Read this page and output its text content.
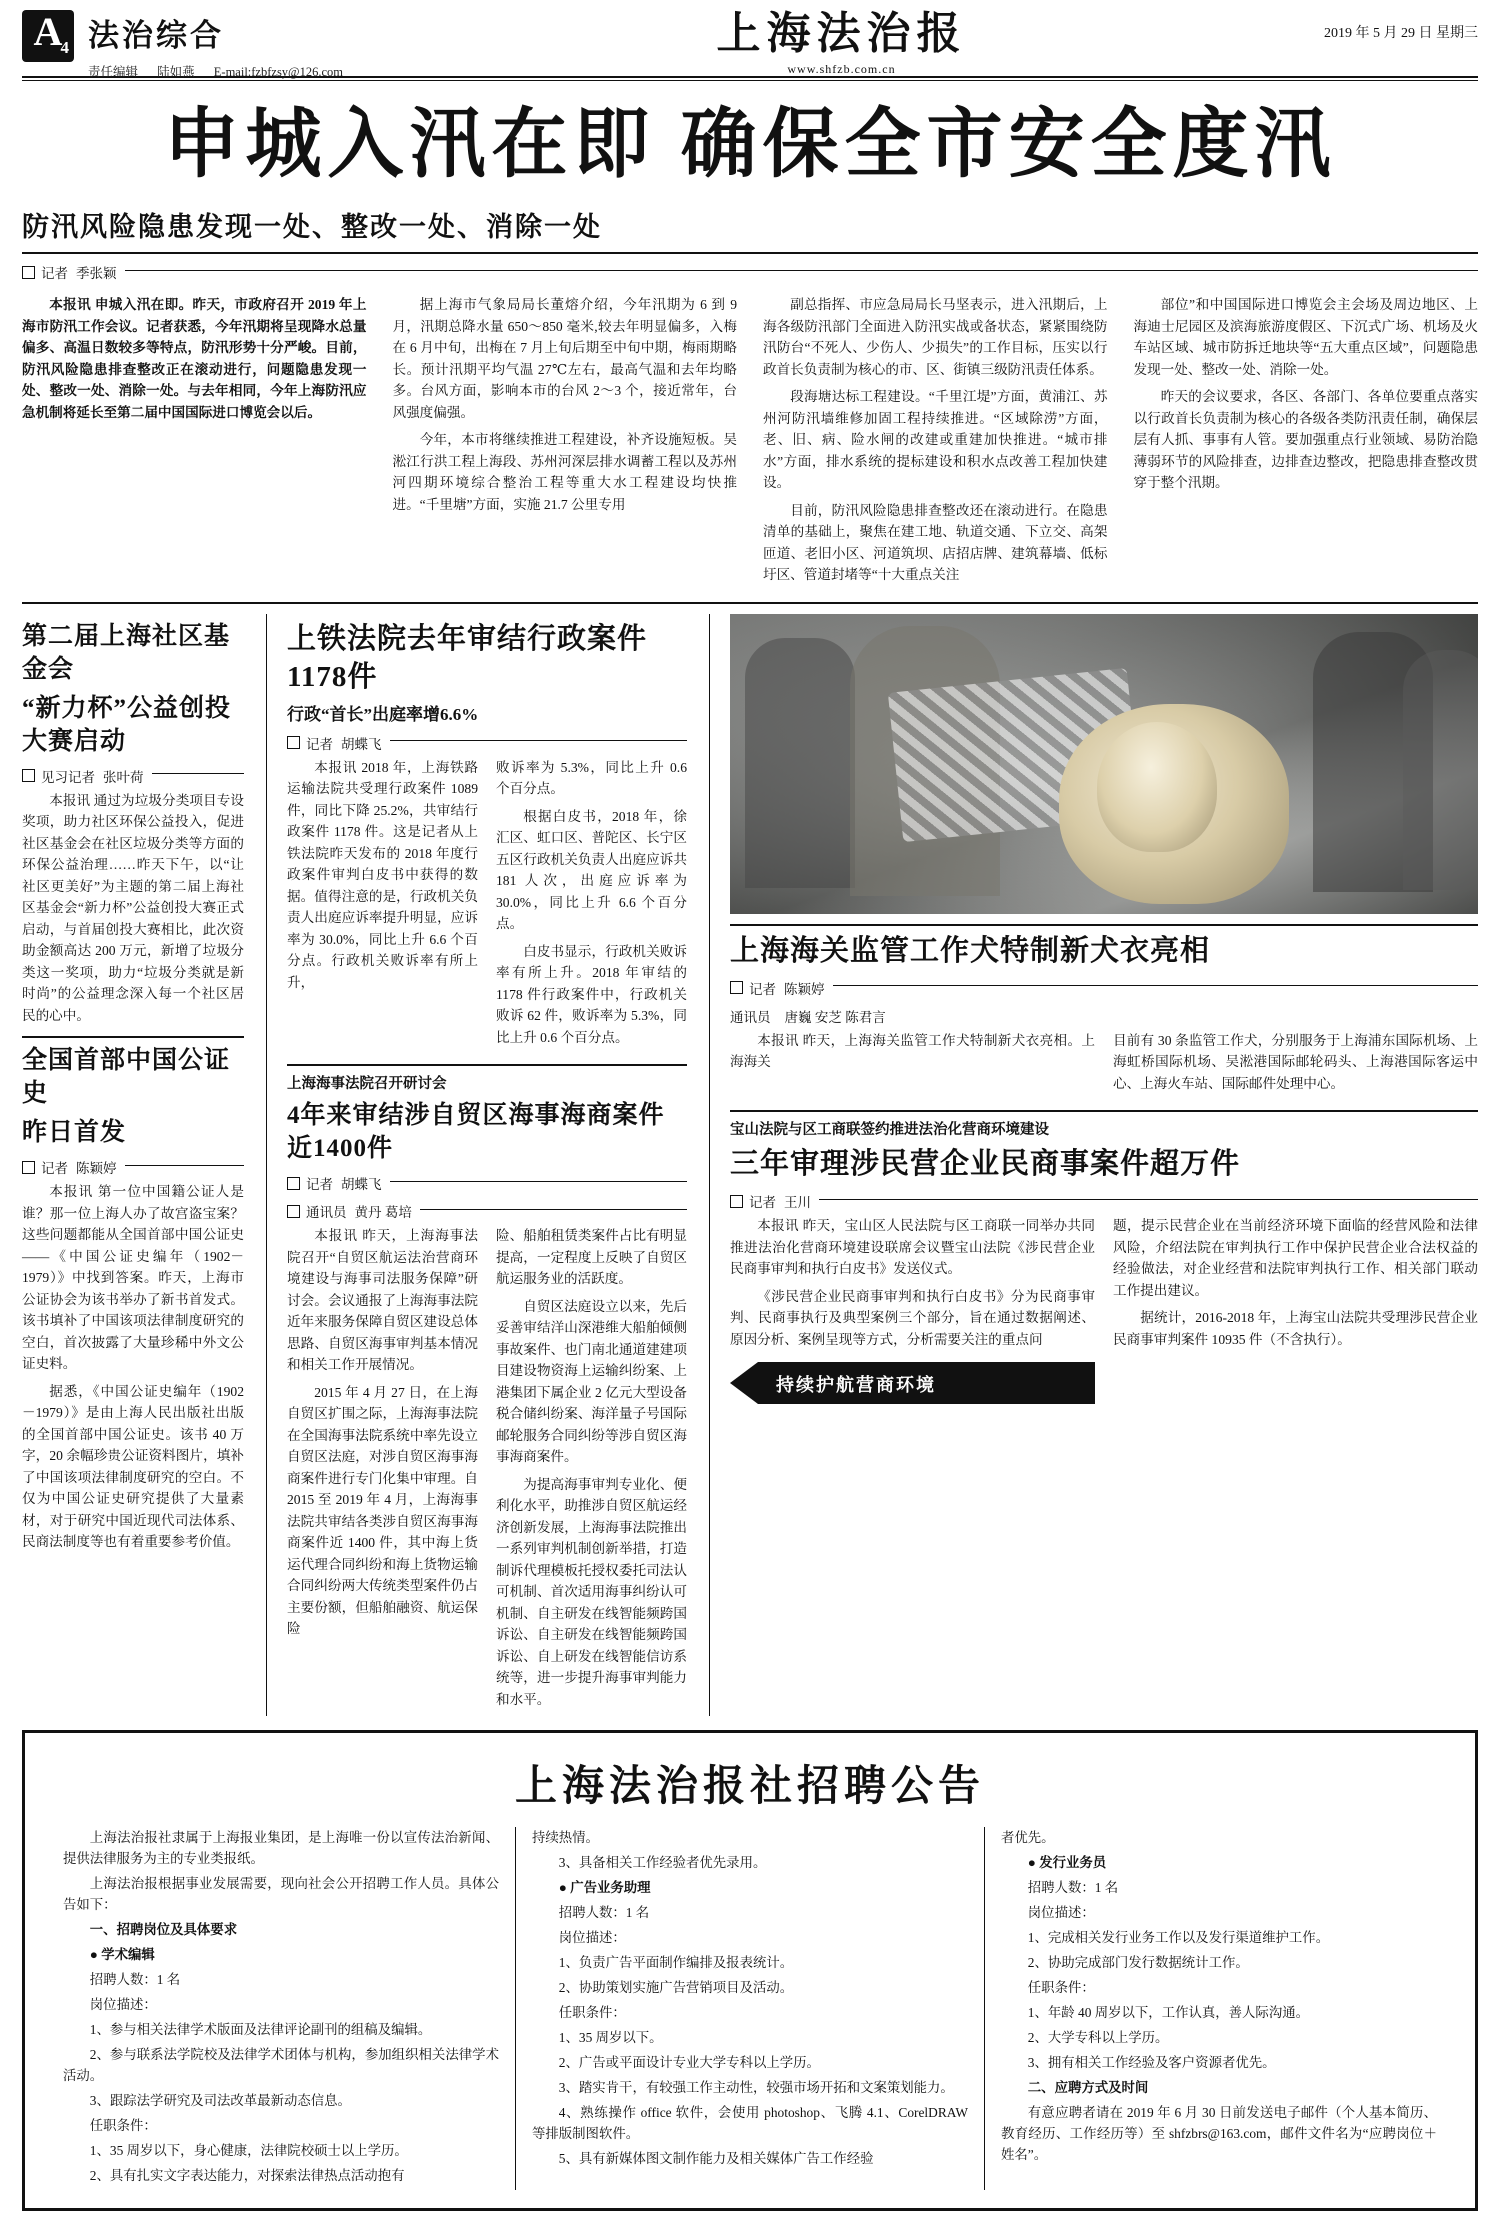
A
4 法治综合
责任编辑 陆如燕 E-mail:fzbfzsy@126.com
上海法治报
www.shfzb.com.cn
2019 年 5 月 29 日 星期三
申城入汛在即 确保全市安全度汛
防汛风险隐患发现一处、整改一处、消除一处
记者 季张颖

本报讯 申城入汛在即。昨天，市政府召开 2019 年上海市防汛工作会议。记者获悉，今年汛期将呈现降水总量偏多、高温日数较多等特点，防汛形势十分严峻。目前，防汛风险隐患排查整改正在滚动进行，问题隐患发现一处、整改一处、消除一处。与去年相同，今年上海防汛应急机制将延长至第二届中国国际进口博览会以后。

据上海市气象局局长董熔介绍，今年汛期为 6 到 9 月，汛期总降水量 650～850 毫米,较去年明显偏多，入梅在 6 月中旬，出梅在 7 月上旬后期至中旬中期，梅雨期略长。预计汛期平均气温 27℃左右，最高气温和去年均略多。台风方面，影响本市的台风 2～3 个，接近常年，台风强度偏强。

今年，本市将继续推进工程建设，补齐设施短板。吴淞江行洪工程上海段、苏州河深层排水调蓄工程以及苏州河四期环境综合整治工程等重大水工程建设均快推进。“千里塘”方面，实施 21.7 公里专用

副总指挥、市应急局局长马坚表示，进入汛期后，上海各级防汛部门全面进入防汛实战或备状态，紧紧围绕防汛防台“不死人、少伤人、少损失”的工作目标，压实以行政首长负责制为核心的市、区、街镇三级防汛责任体系。

段海塘达标工程建设。“千里江堤”方面，黄浦江、苏州河防汛墙维修加固工程持续推进。“区域除涝”方面，老、旧、病、险水闸的改建或重建加快推进。“城市排水”方面，排水系统的提标建设和积水点改善工程加快建设。

目前，防汛风险隐患排查整改还在滚动进行。在隐患清单的基础上，聚焦在建工地、轨道交通、下立交、高架匝道、老旧小区、河道筑坝、店招店牌、建筑幕墙、低标圩区、管道封堵等“十大重点关注

部位”和中国国际进口博览会主会场及周边地区、上海迪士尼园区及滨海旅游度假区、下沉式广场、机场及火车站区域、城市防拆迁地块等“五大重点区域”，问题隐患发现一处、整改一处、消除一处。

昨天的会议要求，各区、各部门、各单位要重点落实以行政首长负责制为核心的各级各类防汛责任制，确保层层有人抓、事事有人管。要加强重点行业领域、易防治隐薄弱环节的风险排查，边排查边整改，把隐患排查整改贯穿于整个汛期。

第二届上海社区基金会
“新力杯”公益创投大赛启动
见习记者 张叶荷

本报讯 通过为垃圾分类项目专设奖项，助力社区环保公益投入，促进社区基金会在社区垃圾分类等方面的环保公益治理……昨天下午，以“让社区更美好”为主题的第二届上海社区基金会“新力杯”公益创投大赛正式启动，与首届创投大赛相比，此次资助金额高达 200 万元，新增了垃圾分类这一奖项，助力“垃圾分类就是新时尚”的公益理念深入每一个社区居民的心中。

全国首部中国公证史
昨日首发
记者 陈颖婷

本报讯 第一位中国籍公证人是谁？那一位上海人办了故宫盗宝案？这些问题都能从全国首部中国公证史——《中国公证史编年（1902－1979）》中找到答案。昨天，上海市公证协会为该书举办了新书首发式。该书填补了中国该项法律制度研究的空白，首次披露了大量珍稀中外文公证史料。

据悉，《中国公证史编年（1902－1979）》是由上海人民出版社出版的全国首部中国公证史。该书 40 万字，20 余幅珍贵公证资料图片，填补了中国该项法律制度研究的空白。不仅为中国公证史研究提供了大量素材，对于研究中国近现代司法体系、民商法制度等也有着重要参考价值。

上铁法院去年审结行政案件1178件
行政“首长”出庭率增6.6%
记者 胡蝶飞

本报讯 2018 年，上海铁路运输法院共受理行政案件 1089 件，同比下降 25.2%，共审结行政案件 1178 件。这是记者从上铁法院昨天发布的 2018 年度行政案件审判白皮书中获得的数据。值得注意的是，行政机关负责人出庭应诉率提升明显，应诉率为 30.0%，同比上升 6.6 个百分点。行政机关败诉率有所上升，

败诉率为 5.3%，同比上升 0.6 个百分点。

根据白皮书，2018 年，徐汇区、虹口区、普陀区、长宁区五区行政机关负责人出庭应诉共 181 人次，出庭应诉率为 30.0%，同比上升 6.6 个百分点。

白皮书显示，行政机关败诉率有所上升。2018 年审结的 1178 件行政案件中，行政机关败诉 62 件，败诉率为 5.3%，同比上升 0.6 个百分点。

上海海事法院召开研讨会
4年来审结涉自贸区海事海商案件近1400件
记者 胡蝶飞
通讯员 黄丹 葛培

本报讯 昨天，上海海事法院召开“自贸区航运法治营商环境建设与海事司法服务保障”研讨会。会议通报了上海海事法院近年来服务保障自贸区建设总体思路、自贸区海事审判基本情况和相关工作开展情况。

2015 年 4 月 27 日，在上海自贸区扩围之际，上海海事法院在全国海事法院系统中率先设立自贸区法庭，对涉自贸区海事海商案件进行专门化集中审理。自 2015 至 2019 年 4 月，上海海事法院共审结各类涉自贸区海事海商案件近 1400 件，其中海上货运代理合同纠纷和海上货物运输合同纠纷两大传统类型案件仍占主要份额，但船舶融资、航运保险

险、船舶租赁类案件占比有明显提高，一定程度上反映了自贸区航运服务业的活跃度。

自贸区法庭设立以来，先后妥善审结洋山深港维大船舶倾侧事故案件、也门南北通道建建项目建设物资海上运输纠纷案、上港集团下属企业 2 亿元大型设备税合储纠纷案、海洋量子号国际邮轮服务合同纠纷等涉自贸区海事海商案件。

为提高海事审判专业化、便利化水平，助推涉自贸区航运经济创新发展，上海海事法院推出一系列审判机制创新举措，打造制诉代理模板托授权委托司法认可机制、首次适用海事纠纷认可机制、自主研发在线智能频跨国诉讼、自主研发在线智能频跨国诉讼、自上研发在线智能信访系统等，进一步提升海事审判能力和水平。

上海海关监管工作犬特制新犬衣亮相
记者 陈颖婷
通讯员 唐巍 安芝 陈君言

本报讯 昨天，上海海关监管工作犬特制新犬衣亮相。上海海关

目前有 30 条监管工作犬，分别服务于上海浦东国际机场、上海虹桥国际机场、吴淞港国际邮轮码头、上海港国际客运中心、上海火车站、国际邮件处理中心。

宝山法院与区工商联签约推进法治化营商环境建设
三年审理涉民营企业民商事案件超万件
记者 王川

本报讯 昨天，宝山区人民法院与区工商联一同举办共同推进法治化营商环境建设联席会议暨宝山法院《涉民营企业民商事审判和执行白皮书》发送仪式。

《涉民营企业民商事审判和执行白皮书》分为民商事审判、民商事执行及典型案例三个部分，旨在通过数据阐述、原因分析、案例呈现等方式，分析需要关注的重点问

持续护航营商环境

题，提示民营企业在当前经济环境下面临的经营风险和法律风险，介绍法院在审判执行工作中保护民营企业合法权益的经验做法，对企业经营和法院审判执行工作、相关部门联动工作提出建议。

据统计，2016-2018 年，上海宝山法院共受理涉民营企业民商事审判案件 10935 件（不含执行）。

上海法治报社招聘公告

上海法治报社隶属于上海报业集团，是上海唯一份以宣传法治新闻、提供法律服务为主的专业类报纸。

上海法治报根据事业发展需要，现向社会公开招聘工作人员。具体公告如下：

一、招聘岗位及具体要求

● 学术编辑

招聘人数：1 名

岗位描述：

1、参与相关法律学术版面及法律评论副刊的组稿及编辑。

2、参与联系法学院校及法律学术团体与机构，参加组织相关法律学术活动。

3、跟踪法学研究及司法改革最新动态信息。

任职条件：

1、35 周岁以下，身心健康，法律院校硕士以上学历。

2、具有扎实文字表达能力，对探索法律热点活动抱有

持续热情。

3、具备相关工作经验者优先录用。

● 广告业务助理

招聘人数：1 名

岗位描述：

1、负责广告平面制作编排及报表统计。

2、协助策划实施广告营销项目及活动。

任职条件：

1、35 周岁以下。

2、广告或平面设计专业大学专科以上学历。

3、踏实肯干，有较强工作主动性，较强市场开拓和文案策划能力。

4、熟练操作 office 软件，会使用 photoshop、飞腾 4.1、CorelDRAW 等排版制图软件。

5、具有新媒体图文制作能力及相关媒体广告工作经验

者优先。

● 发行业务员

招聘人数：1 名

岗位描述：

1、完成相关发行业务工作以及发行渠道维护工作。

2、协助完成部门发行数据统计工作。

任职条件：

1、年龄 40 周岁以下，工作认真，善人际沟通。

2、大学专科以上学历。

3、拥有相关工作经验及客户资源者优先。

二、应聘方式及时间

有意应聘者请在 2019 年 6 月 30 日前发送电子邮件（个人基本简历、教育经历、工作经历等）至 shfzbrs@163.com，邮件文件名为“应聘岗位＋姓名”。
